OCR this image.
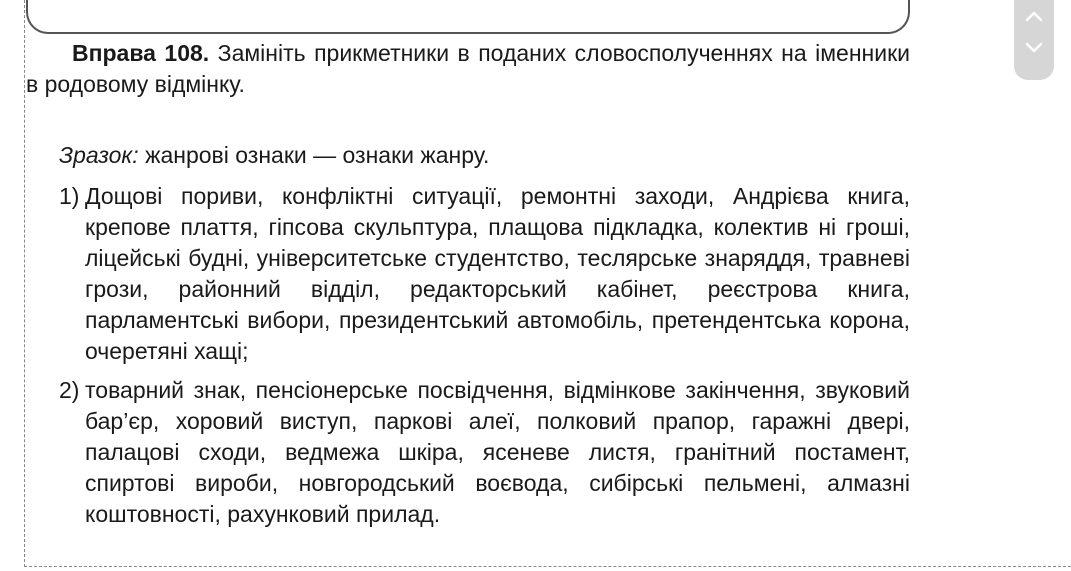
Вправа 108. Замініть прикметники в поданих словосполученнях на іменники в родовому відмінку.

Зразок: жанрові ознаки — ознаки жанру.

1) Дощові пориви, конфліктні ситуації, ремонтні заходи, Андрієва книга, крепове плаття, гіпсова скульптура, плащова підкладка, колектив ні гроші, ліцейські будні, університетське студентство, теслярське знаряддя, травневі грози, районний відділ, редакторський кабінет, реєстрова книга, парламентські вибори, президентський автомобіль, претендентська корона, очеретяні хащі;
2) товарний знак, пенсіонерське посвідчення, відмінкове закінчення, звуковий бар’єр, хоровий виступ, паркові алеї, полковий прапор, гаражні двері, палацові сходи, ведмежа шкіра, ясеневе листя, гранітний постамент, спиртові вироби, новгородський воєвода, сибірські пельмені, алмазні коштовності, рахунковий прилад.
